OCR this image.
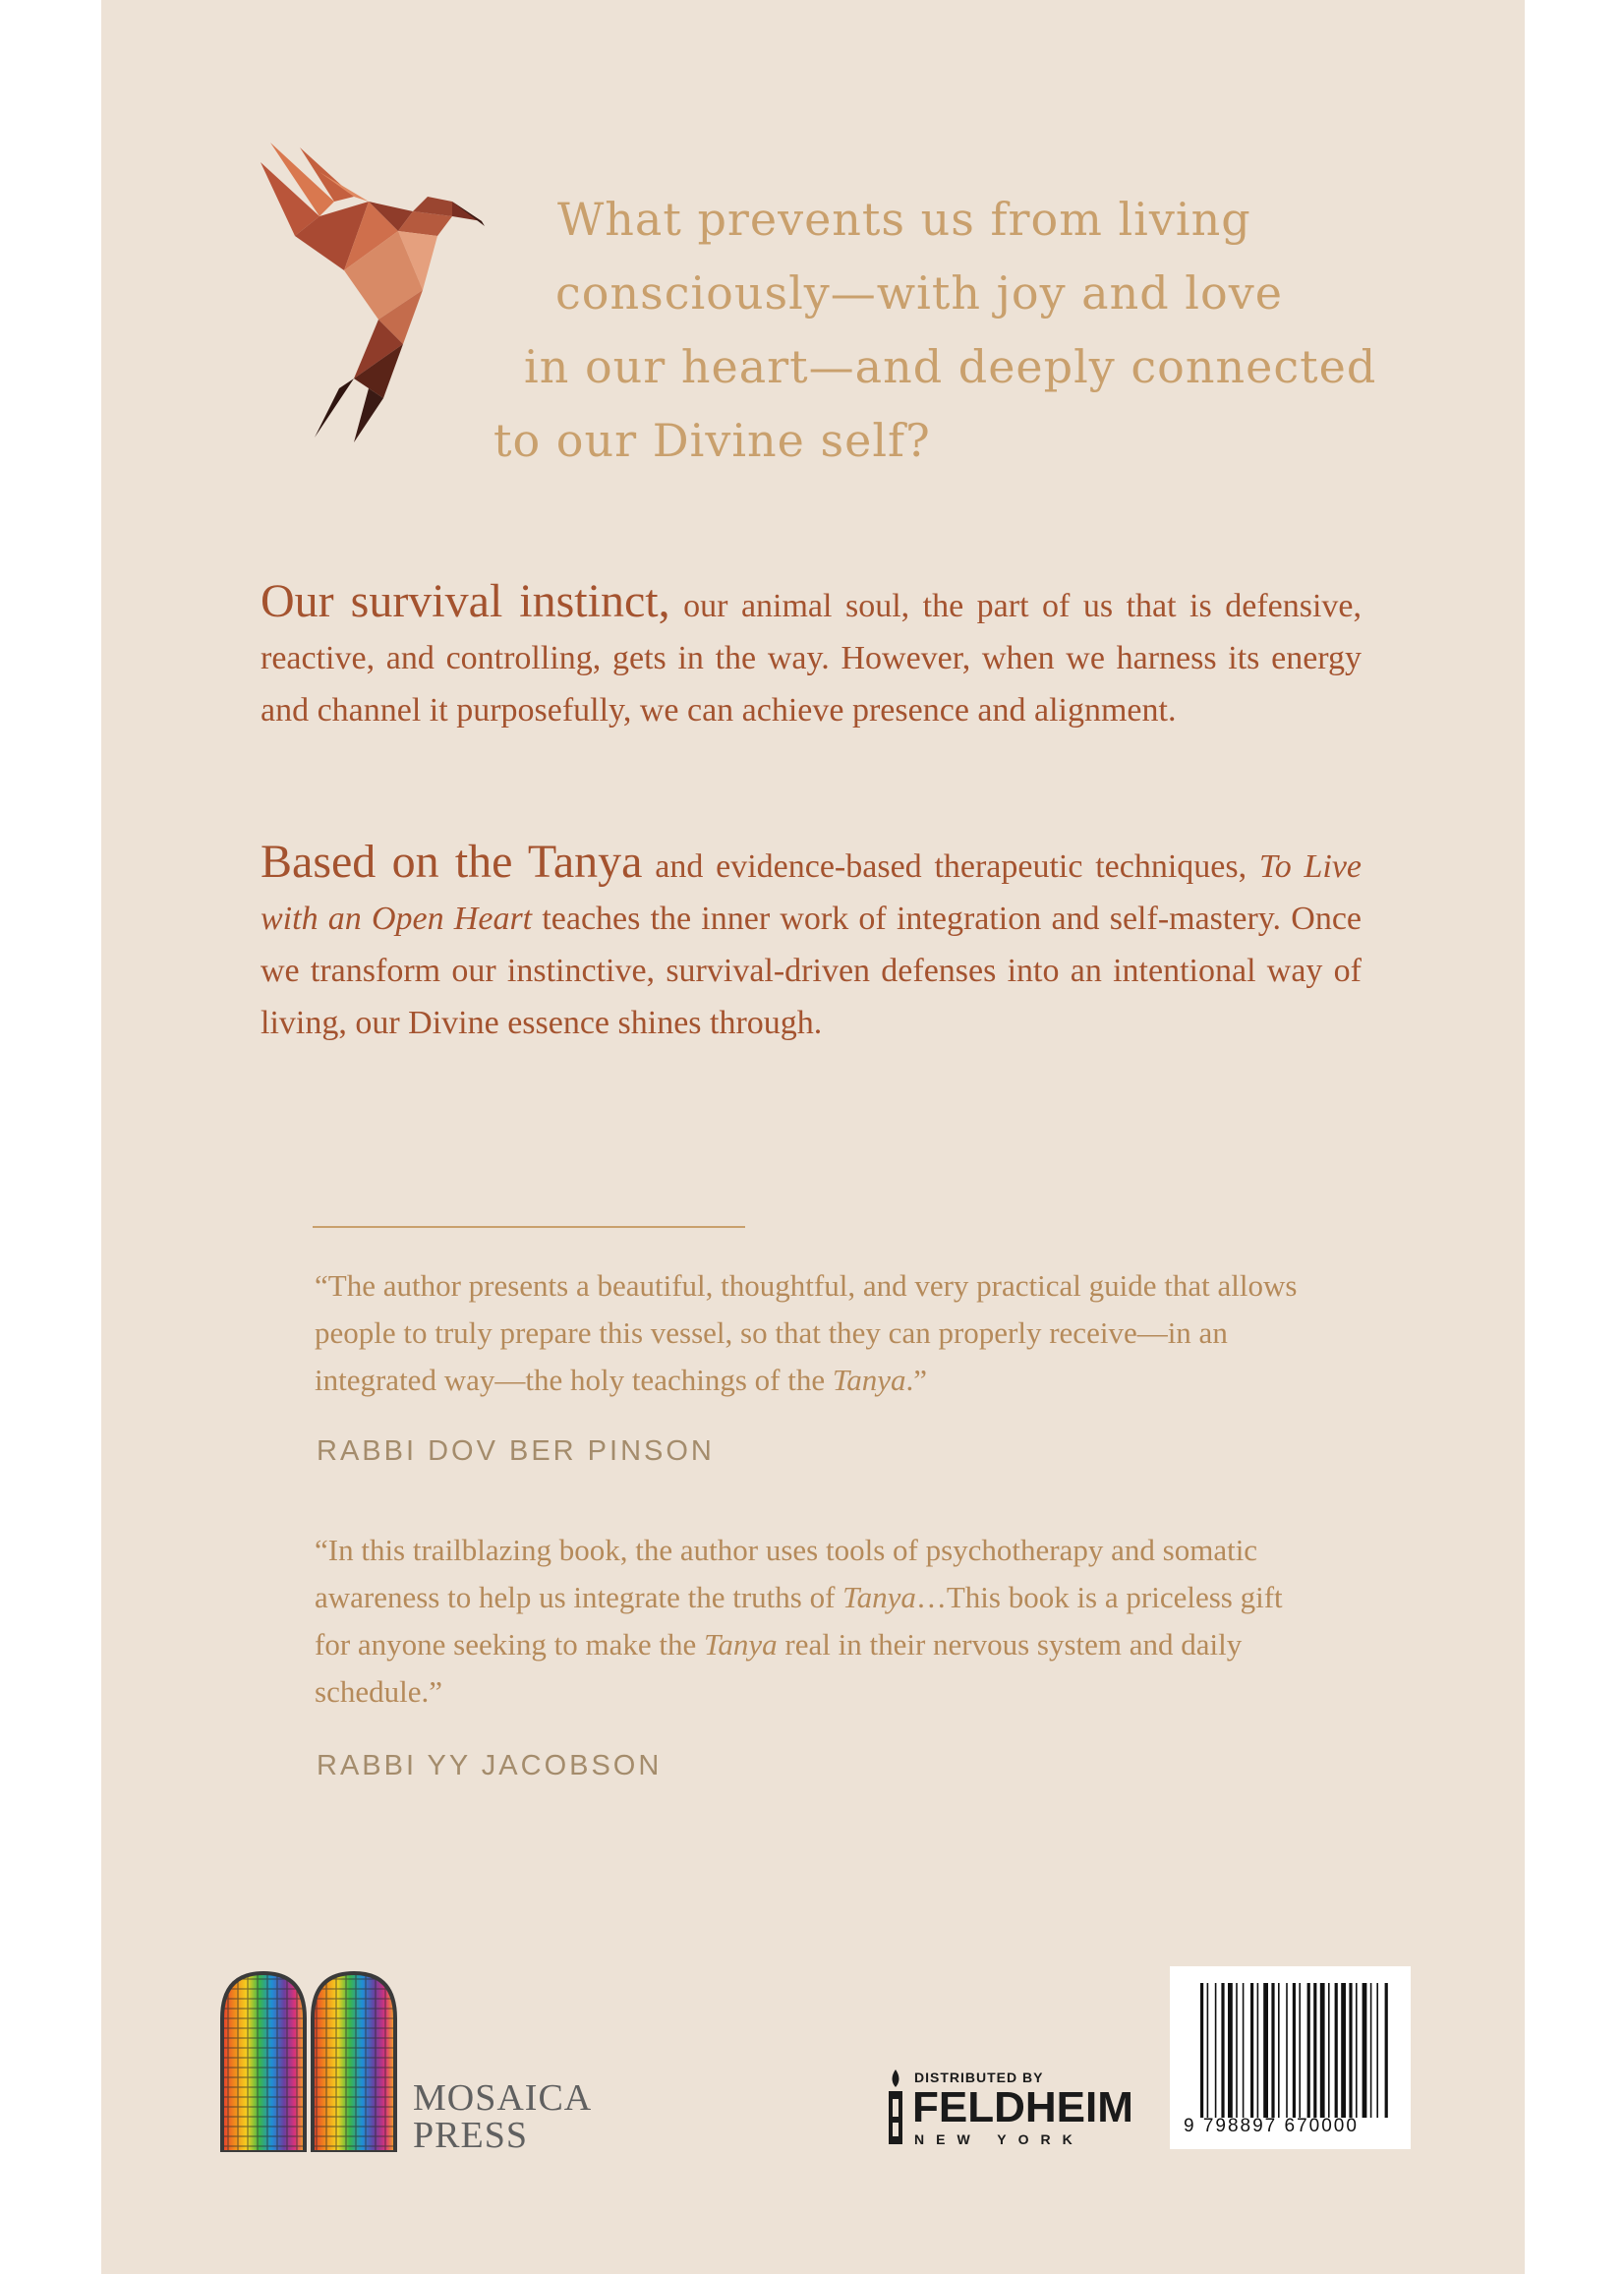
What prevents us from living
consciously—with joy and love
in our heart—and deeply connected
to our Divine self?

Our survival instinct, our animal soul, the part of us that is defensive, reactive, and controlling, gets in the way. However, when we harness its energy and channel it purposefully, we can achieve presence and alignment.

Based on the Tanya and evidence-based therapeutic techniques, To Live with an Open Heart teaches the inner work of integration and self-mastery. Once we transform our instinctive, survival-driven defenses into an intentional way of living, our Divine essence shines through.

“The author presents a beautiful, thoughtful, and very practical guide that allows people to truly prepare this vessel, so that they can properly receive—in an integrated way—the holy teachings of the Tanya.”

RABBI DOV BER PINSON

“In this trailblazing book, the author uses tools of psychotherapy and somatic awareness to help us integrate the truths of Tanya…This book is a priceless gift for anyone seeking to make the Tanya real in their nervous system and daily schedule.”

RABBI YY JACOBSON
MOSAICA
PRESS
DISTRIBUTED BY
FELDHEIM
NEW YORK
9 798897 670000
